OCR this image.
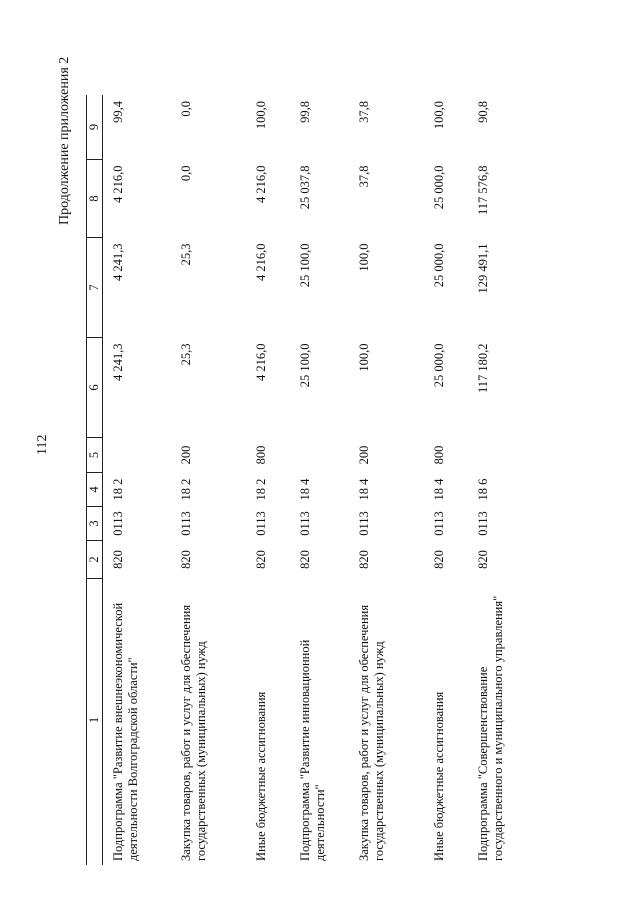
112
Продолжение приложения 2
1	2	3	4	5	6	7	8	9
Подпрограмма "Развитие внешнеэкономической деятельности Волгоградской области"	820	0113	18 2		4 241,3	4 241,3	4 216,0	99,4
Закупка товаров, работ и услуг для обеспечения государственных (муниципальных) нужд	820	0113	18 2	200	25,3	25,3	0,0	0,0
Иные бюджетные ассигнования	820	0113	18 2	800	4 216,0	4 216,0	4 216,0	100,0
Подпрограмма "Развитие инновационной деятельности"	820	0113	18 4		25 100,0	25 100,0	25 037,8	99,8
Закупка товаров, работ и услуг для обеспечения государственных (муниципальных) нужд	820	0113	18 4	200	100,0	100,0	37,8	37,8
Иные бюджетные ассигнования	820	0113	18 4	800	25 000,0	25 000,0	25 000,0	100,0
Подпрограмма "Совершенствование государственного и муниципального управления"	820	0113	18 6		117 180,2	129 491,1	117 576,8	90,8
